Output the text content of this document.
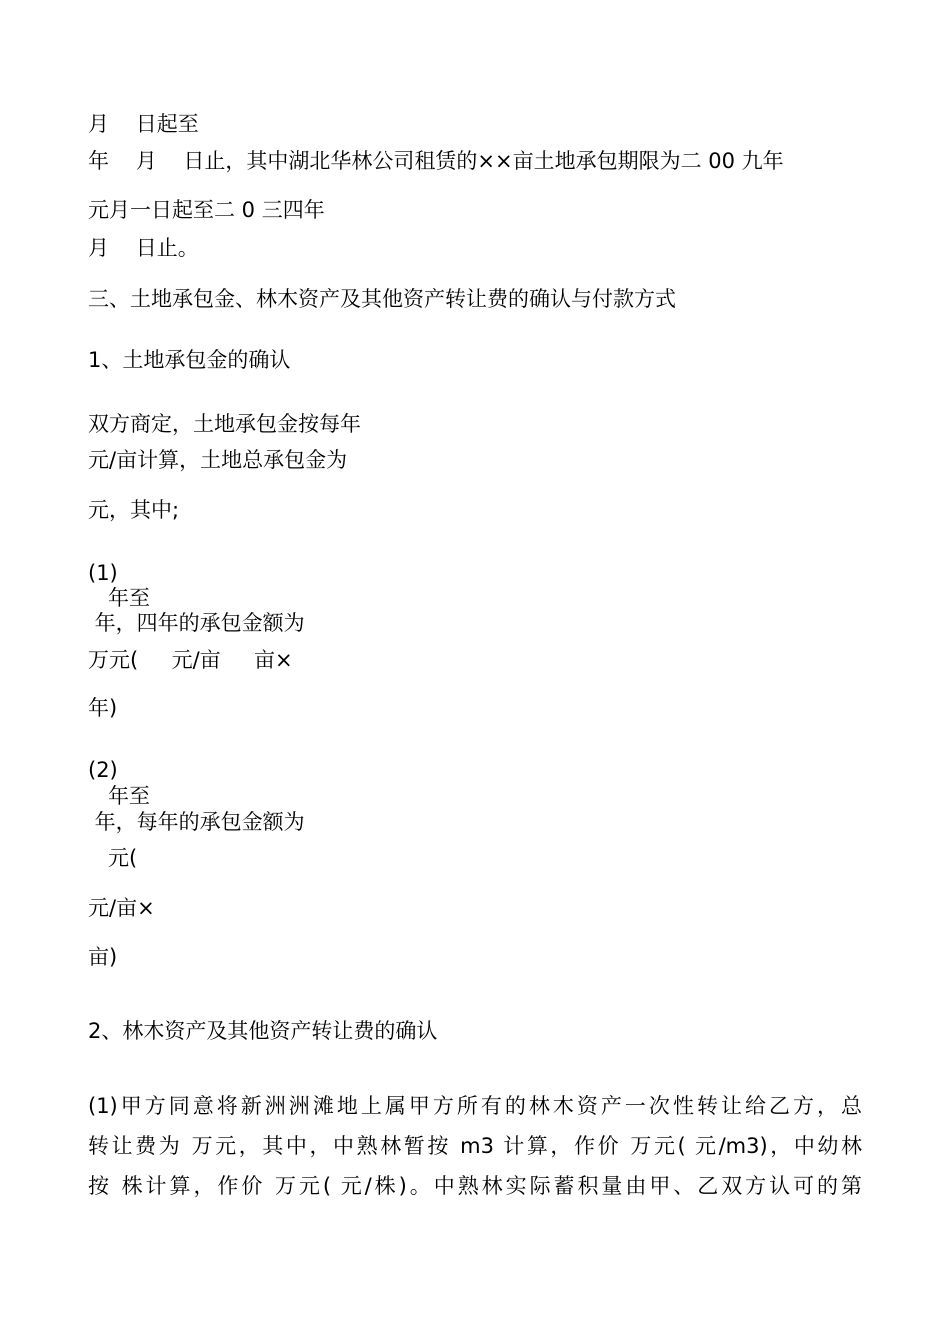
月    日起至

年    月    日止，其中湖北华林公司租赁的××亩土地承包期限为二 00 九年

元月一日起至二 0 三四年

月    日止。

三、土地承包金、林木资产及其他资产转让费的确认与付款方式

1、土地承包金的确认

双方商定，土地承包金按每年

元/亩计算，土地总承包金为

元，其中;

(1)

年至

年，四年的承包金额为

万元(     元/亩     亩×

年)

(2)

年至

年，每年的承包金额为

元(

元/亩×

亩)

2、林木资产及其他资产转让费的确认

(1)甲方同意将新洲洲滩地上属甲方所有的林木资产一次性转让给乙方，总
转让费为 万元，其中，中熟林暂按 m3 计算，作价 万元( 元/m3)，中幼林
按 株计算，作价 万元( 元/株)。中熟林实际蓄积量由甲、乙双方认可的第
